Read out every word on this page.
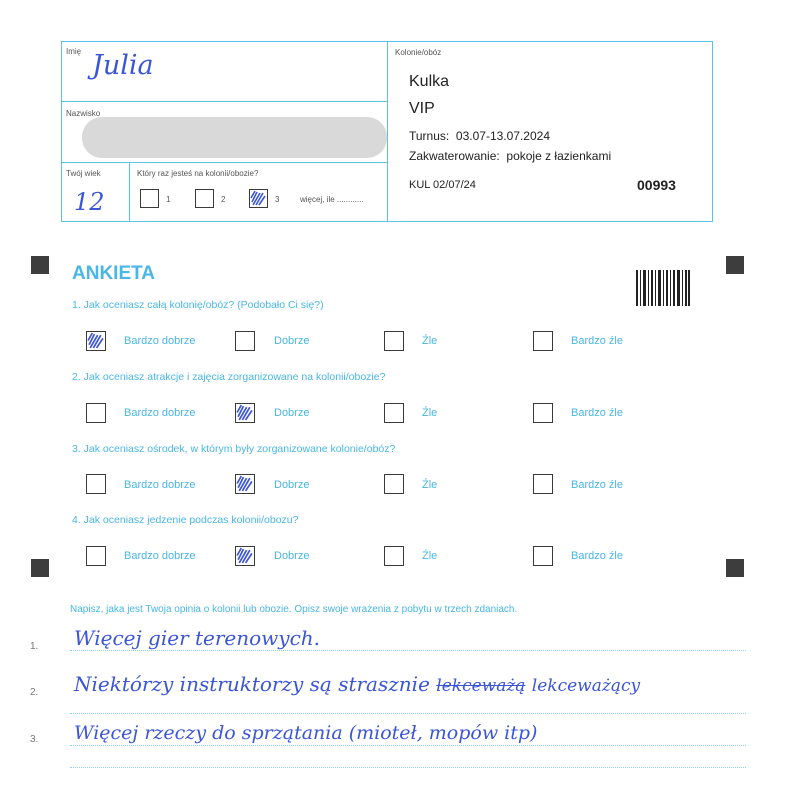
Imię Julia
Nazwisko
Twój wiek
12
Który raz jesteś na kolonii/obozie?
1	2	3	więcej, ile ............
Kolonie/obóz
Kulka
VIP
Turnus: 03.07-13.07.2024
Zakwaterowanie: pokoje z łazienkami
KUL 02/07/24	00993
ANKIETA
1. Jak oceniasz całą kolonię/obóz? (Podobało Ci się?)
Bardzo dobrze	Dobrze	Źle	Bardzo źle
2. Jak oceniasz atrakcje i zajęcia zorganizowane na kolonii/obozie?
Bardzo dobrze	Dobrze	Źle	Bardzo źle
3. Jak oceniasz ośrodek, w którym były zorganizowane kolonie/obóz?
Bardzo dobrze	Dobrze	Źle	Bardzo źle
4. Jak oceniasz jedzenie podczas kolonii/obozu?
Bardzo dobrze	Dobrze	Źle	Bardzo źle
Napisz, jaka jest Twoja opinia o kolonii lub obozie. Opisz swoje wrażenia z pobytu w trzech zdaniach.
1. Więcej gier terenowych.
2. Niektórzy instruktorzy są strasznie lekceważą lekceważący
3. Więcej rzeczy do sprzątania (mioteł, mopów itp)
